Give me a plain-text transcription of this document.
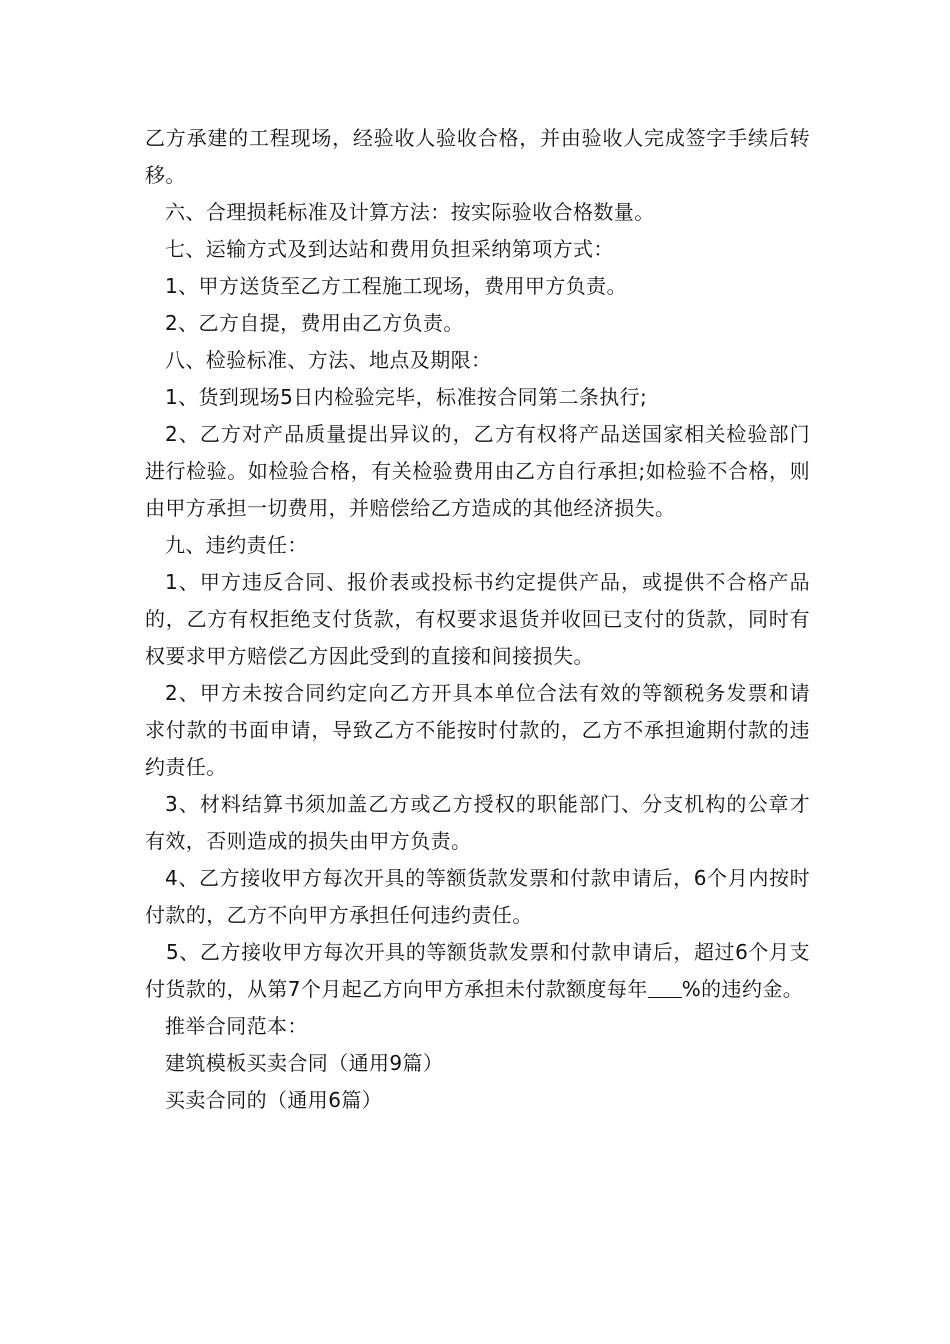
乙方承建的工程现场，经验收人验收合格，并由验收人完成签字手续后转移。

六、合理损耗标准及计算方法：按实际验收合格数量。

七、运输方式及到达站和费用负担采纳第项方式：

1、甲方送货至乙方工程施工现场，费用甲方负责。

2、乙方自提，费用由乙方负责。

八、检验标准、方法、地点及期限：

1、货到现场5日内检验完毕，标准按合同第二条执行;

2、乙方对产品质量提出异议的，乙方有权将产品送国家相关检验部门进行检验。如检验合格，有关检验费用由乙方自行承担;如检验不合格，则由甲方承担一切费用，并赔偿给乙方造成的其他经济损失。

九、违约责任：

1、甲方违反合同、报价表或投标书约定提供产品，或提供不合格产品的，乙方有权拒绝支付货款，有权要求退货并收回已支付的货款，同时有权要求甲方赔偿乙方因此受到的直接和间接损失。

2、甲方未按合同约定向乙方开具本单位合法有效的等额税务发票和请求付款的书面申请，导致乙方不能按时付款的，乙方不承担逾期付款的违约责任。

3、材料结算书须加盖乙方或乙方授权的职能部门、分支机构的公章才有效，否则造成的损失由甲方负责。

4、乙方接收甲方每次开具的等额货款发票和付款申请后，6个月内按时付款的，乙方不向甲方承担任何违约责任。

5、乙方接收甲方每次开具的等额货款发票和付款申请后，超过6个月支付货款的，从第7个月起乙方向甲方承担未付款额度每年 %的违约金。

推举合同范本：

建筑模板买卖合同（通用9篇）

买卖合同的（通用6篇）
